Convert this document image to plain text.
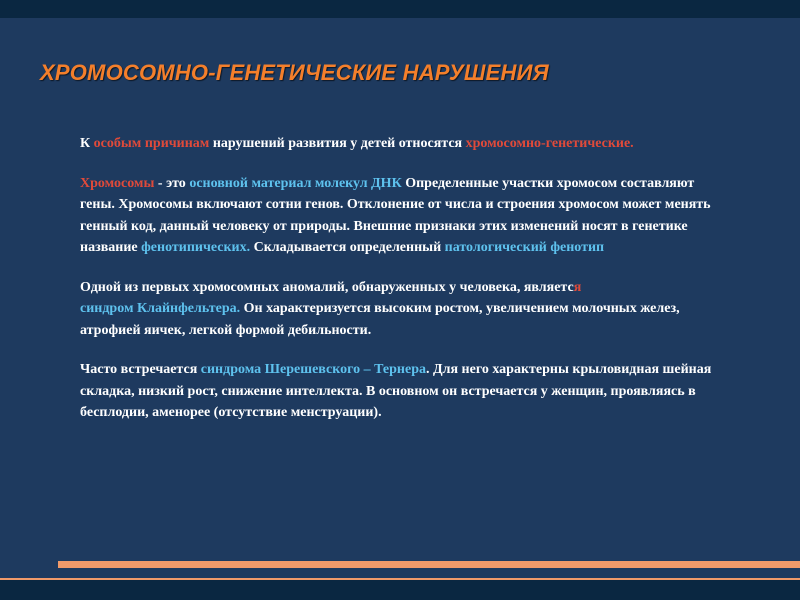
ХРОМОСОМНО-ГЕНЕТИЧЕСКИЕ НАРУШЕНИЯ

К особым причинам нарушений развития у детей относятся хромосомно-генетические.

Хромосомы - это основной материал молекул ДНК Определенные участки хромосом составляют гены. Хромосомы включают сотни генов. Отклонение от числа и строения хромосом может менять генный код, данный человеку от природы. Внешние признаки этих изменений носят в генетике название фенотипических. Складывается определенный патологический фенотип

Одной из первых хромосомных аномалий, обнаруженных у человека, является
синдром Клайнфельтера. Он характеризуется высоким ростом, увеличением молочных желез, атрофией яичек, легкой формой дебильности.

Часто встречается синдрома Шерешевского – Тернера. Для него характерны крыловидная шейная складка, низкий рост, снижение интеллекта. В основном он встречается у женщин, проявляясь в бесплодии, аменорее (отсутствие менструации).
